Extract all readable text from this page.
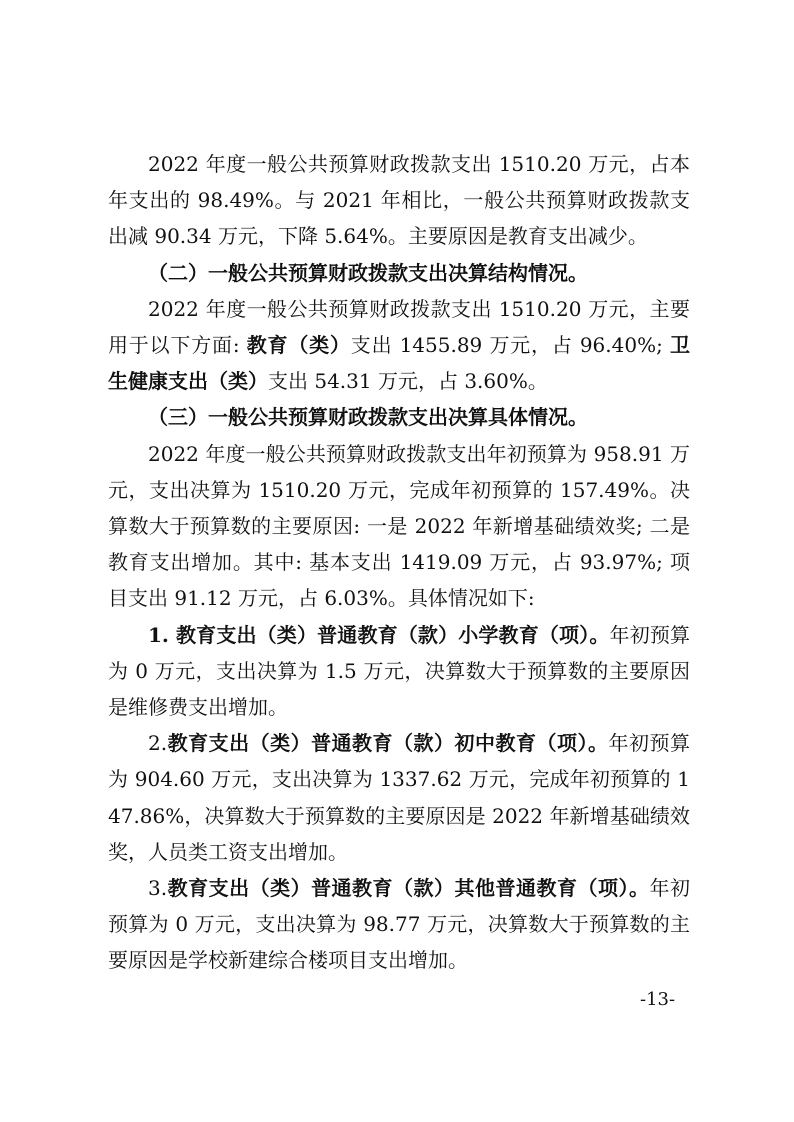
2022 年度一般公共预算财政拨款支出 1510.20 万元，占本年支出的 98.49%。与 2021 年相比，一般公共预算财政拨款支出减 90.34 万元，下降 5.64%。主要原因是教育支出减少。

（二）一般公共预算财政拨款支出决算结构情况。

2022 年度一般公共预算财政拨款支出 1510.20 万元，主要用于以下方面: 教育（类）支出 1455.89 万元，占 96.40%; 卫生健康支出（类）支出 54.31 万元，占 3.60%。

（三）一般公共预算财政拨款支出决算具体情况。

2022 年度一般公共预算财政拨款支出年初预算为 958.91 万元，支出决算为 1510.20 万元，完成年初预算的 157.49%。决算数大于预算数的主要原因: 一是 2022 年新增基础绩效奖; 二是教育支出增加。其中: 基本支出 1419.09 万元，占 93.97%; 项目支出 91.12 万元，占 6.03%。具体情况如下:

1. 教育支出（类）普通教育（款）小学教育（项）。年初预算为 0 万元，支出决算为 1.5 万元，决算数大于预算数的主要原因是维修费支出增加。

2.教育支出（类）普通教育（款）初中教育（项）。年初预算为 904.60 万元，支出决算为 1337.62 万元，完成年初预算的 147.86%，决算数大于预算数的主要原因是 2022 年新增基础绩效奖，人员类工资支出增加。

3.教育支出（类）普通教育（款）其他普通教育（项）。年初预算为 0 万元，支出决算为 98.77 万元，决算数大于预算数的主要原因是学校新建综合楼项目支出增加。

-13-
